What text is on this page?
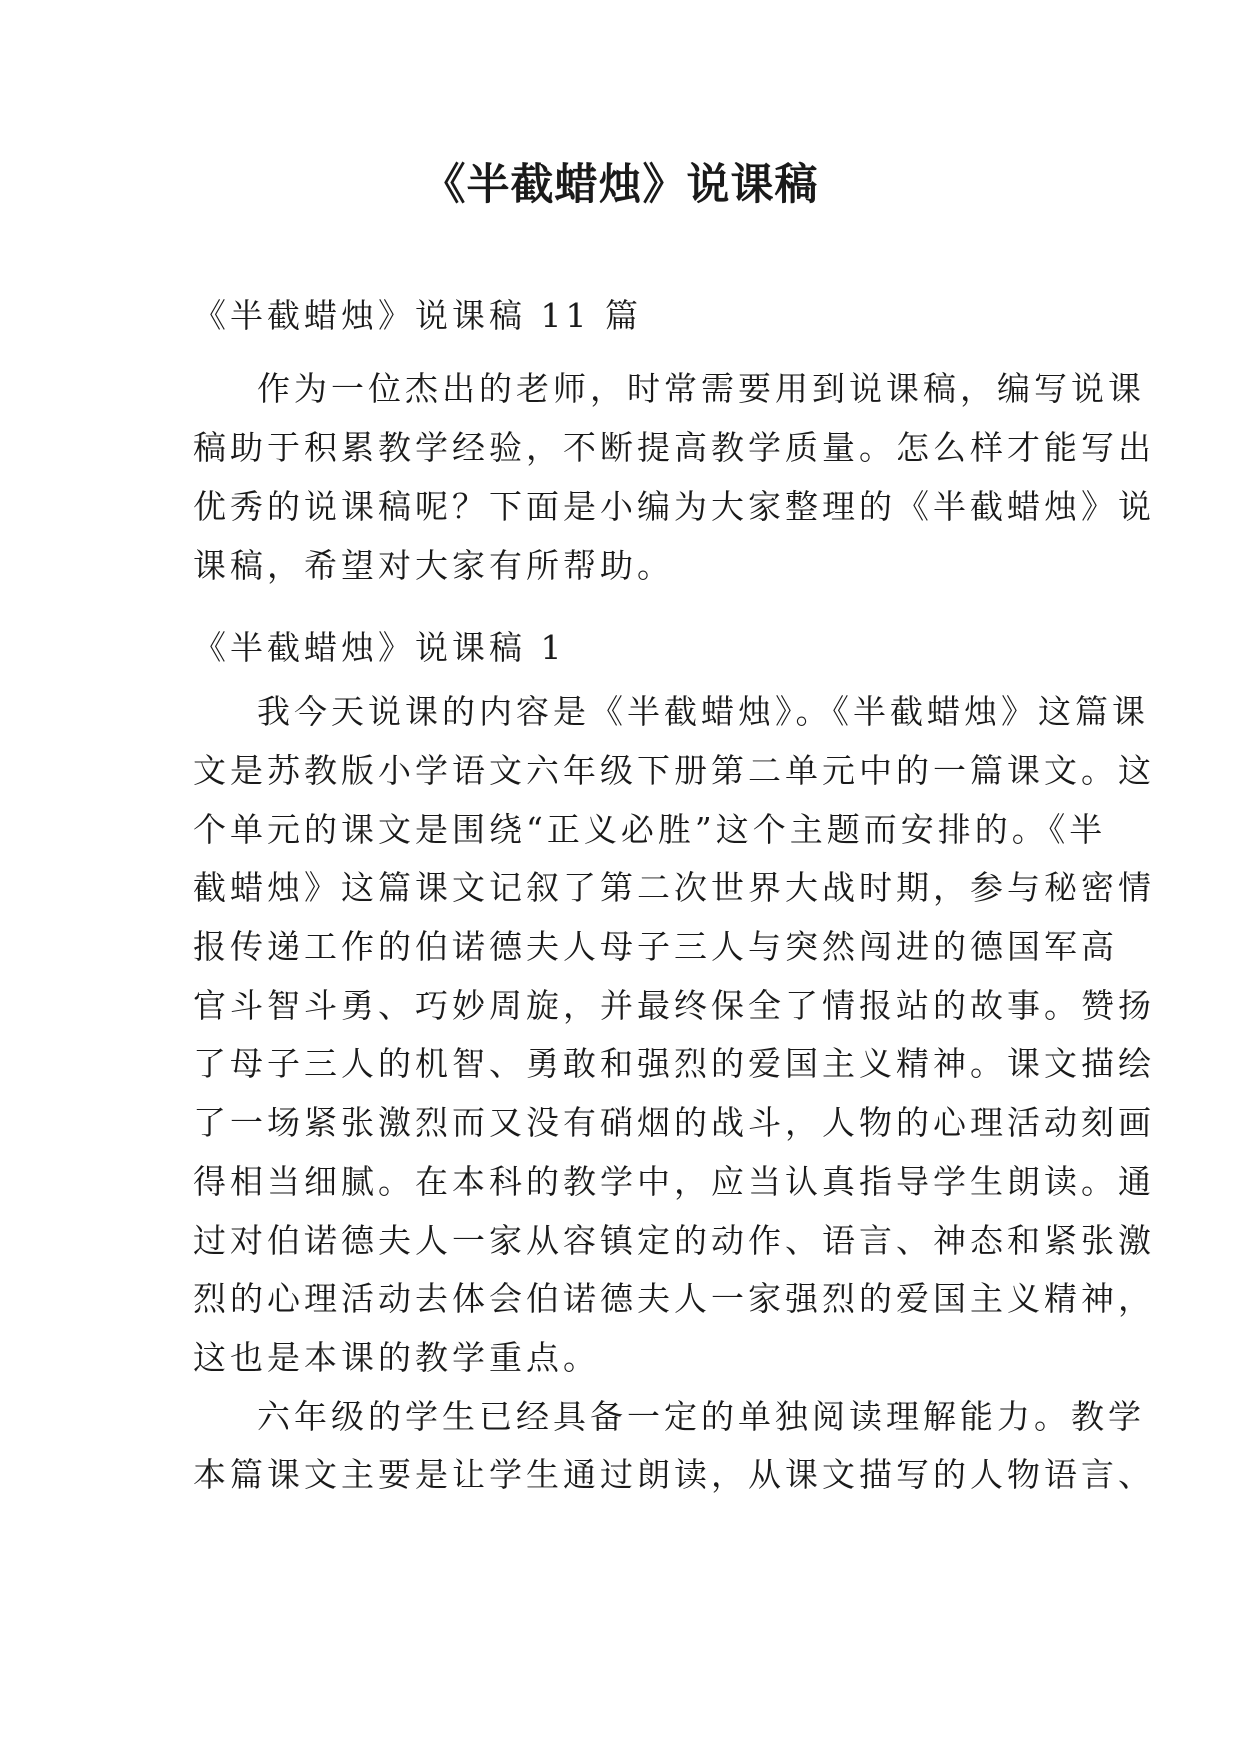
《半截蜡烛》说课稿
《半截蜡烛》说课稿 11 篇
作为一位杰出的老师，时常需要用到说课稿，编写说课
稿助于积累教学经验，不断提高教学质量。怎么样才能写出
优秀的说课稿呢？下面是小编为大家整理的《半截蜡烛》说
课稿，希望对大家有所帮助。
《半截蜡烛》说课稿 1
我今天说课的内容是《半截蜡烛》。《半截蜡烛》这篇课
文是苏教版小学语文六年级下册第二单元中的一篇课文。这
个单元的课文是围绕“正义必胜”这个主题而安排的。《半
截蜡烛》这篇课文记叙了第二次世界大战时期，参与秘密情
报传递工作的伯诺德夫人母子三人与突然闯进的德国军高
官斗智斗勇、巧妙周旋，并最终保全了情报站的故事。赞扬
了母子三人的机智、勇敢和强烈的爱国主义精神。课文描绘
了一场紧张激烈而又没有硝烟的战斗，人物的心理活动刻画
得相当细腻。在本科的教学中，应当认真指导学生朗读。通
过对伯诺德夫人一家从容镇定的动作、语言、神态和紧张激
烈的心理活动去体会伯诺德夫人一家强烈的爱国主义精神，
这也是本课的教学重点。
六年级的学生已经具备一定的单独阅读理解能力。教学
本篇课文主要是让学生通过朗读，从课文描写的人物语言、
